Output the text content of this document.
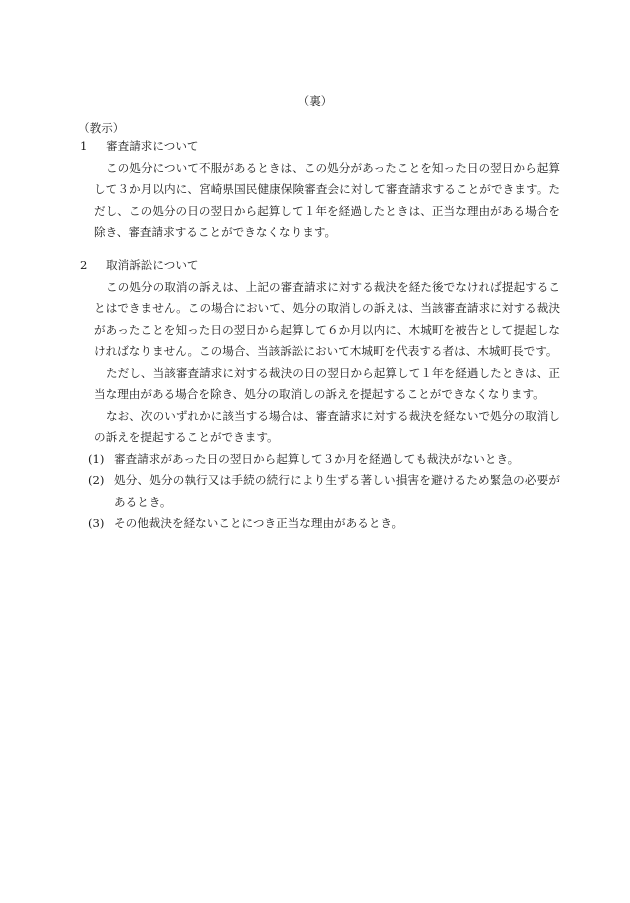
（裏）
（教示）
1 審査請求について
この処分について不服があるときは、この処分があったことを知った日の翌日から起算して３か月以内に、宮崎県国民健康保険審査会に対して審査請求することができます。ただし、この処分の日の翌日から起算して１年を経過したときは、正当な理由がある場合を除き、審査請求することができなくなります。
2 取消訴訟について
この処分の取消の訴えは、上記の審査請求に対する裁決を経た後でなければ提起することはできません。この場合において、処分の取消しの訴えは、当該審査請求に対する裁決があったことを知った日の翌日から起算して６か月以内に、木城町を被告として提起しなければなりません。この場合、当該訴訟において木城町を代表する者は、木城町長です。
ただし、当該審査請求に対する裁決の日の翌日から起算して１年を経過したときは、正当な理由がある場合を除き、処分の取消しの訴えを提起することができなくなります。
なお、次のいずれかに該当する場合は、審査請求に対する裁決を経ないで処分の取消しの訴えを提起することができます。
(1) 審査請求があった日の翌日から起算して３か月を経過しても裁決がないとき。
(2) 処分、処分の執行又は手続の続行により生ずる著しい損害を避けるため緊急の必要があるとき。
(3) その他裁決を経ないことにつき正当な理由があるとき。
